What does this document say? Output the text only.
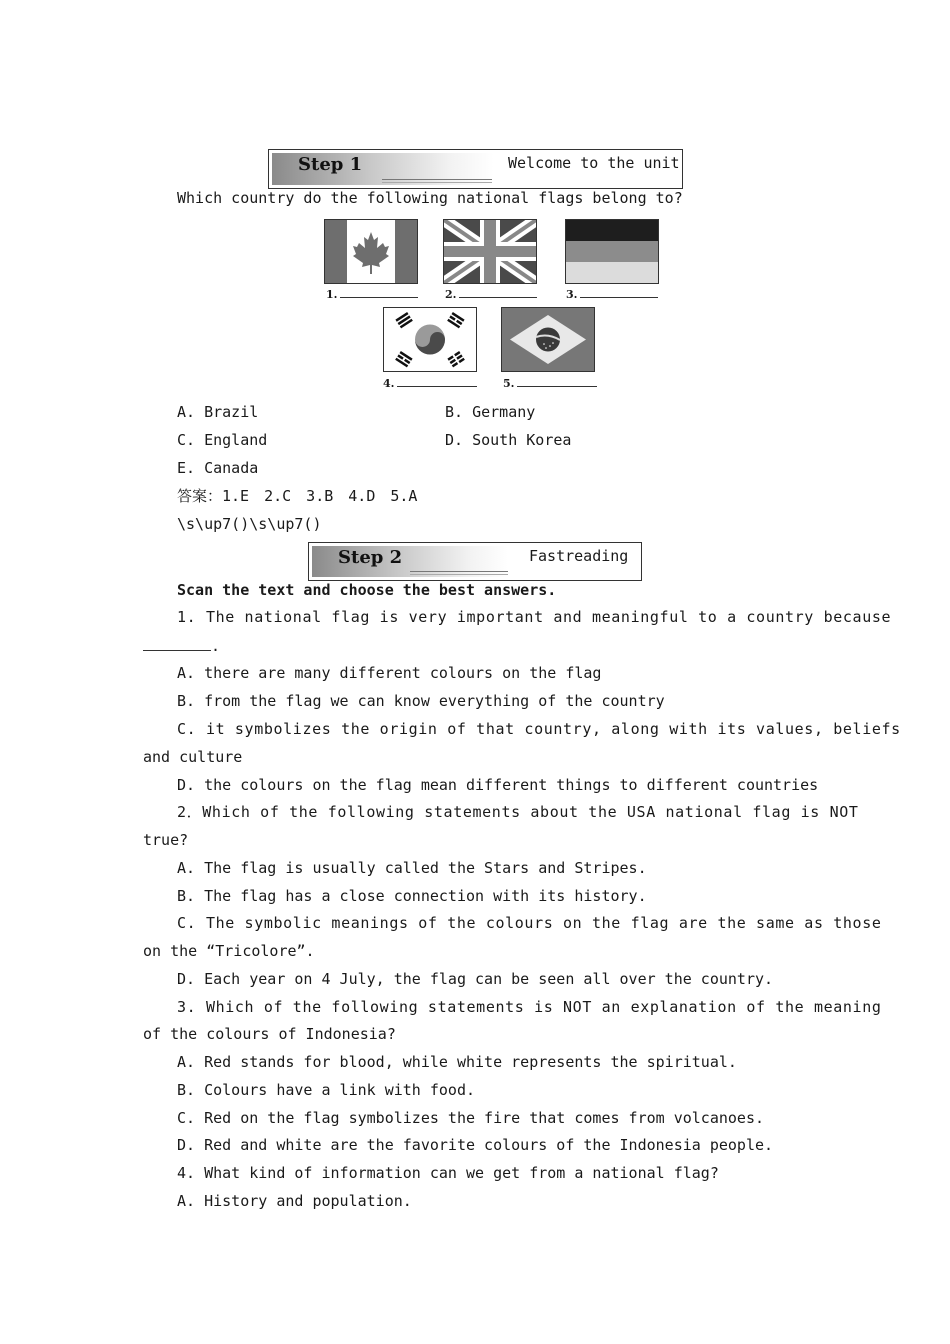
Step 1	Welcome to the unit
Which country do the following national flags belong to?
1.	2.	3.
4.	5.
A. Brazil	B. Germany
C. England	D. South Korea
E. Canada
答案：1.E　2.C　3.B　4.D　5.A
\s\up7()\s\up7()
Step 2	Fastreading
Scan the text and choose the best answers.
1. The national flag is very important and meaningful to a country because
.
A. there are many different colours on the flag
B. from the flag we can know everything of the country
C. it symbolizes the origin of that country, along with its values, beliefs
and culture
D. the colours on the flag mean different things to different countries
2．Which of the following statements about the USA national flag is NOT
true?
A. The flag is usually called the Stars and Stripes.
B. The flag has a close connection with its history.
C. The symbolic meanings of the colours on the flag are the same as those
on the “Tricolore”.
D. Each year on 4 July, the flag can be seen all over the country.
3. Which of the following statements is NOT an explanation of the meaning
of the colours of Indonesia?
A. Red stands for blood, while white represents the spiritual.
B. Colours have a link with food.
C. Red on the flag symbolizes the fire that comes from volcanoes.
D. Red and white are the favorite colours of the Indonesia people.
4. What kind of information can we get from a national flag?
A. History and population.
